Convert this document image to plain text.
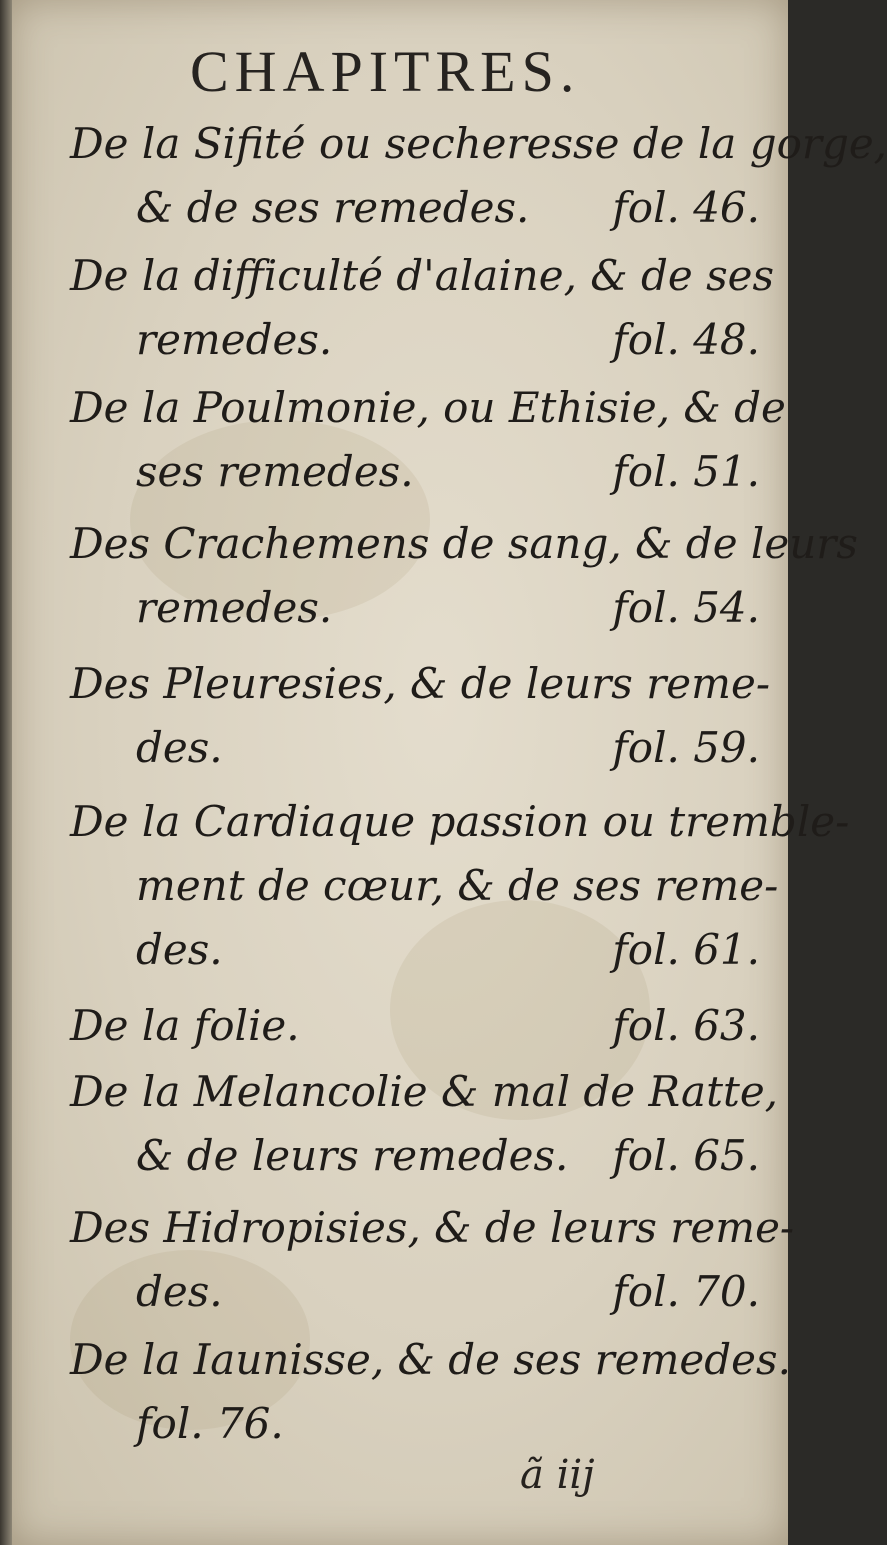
CHAPITRES.
De la Sifité ou secheresse de la gorge,
& de ses remedes. fol. 46.
De la difficulté d'alaine, & de ses
remedes.	fol. 48.
De la Poulmonie, ou Ethisie, & de
ses remedes.	fol. 51.
Des Crachemens de sang, & de leurs
remedes.	fol. 54.
Des Pleuresies, & de leurs reme-
des.	fol. 59.
De la Cardiaque passion ou tremble-
ment de cœur, & de ses reme-
des.	fol. 61.
De la folie.	fol. 63.
De la Melancolie & mal de Ratte,
& de leurs remedes. fol. 65.
Des Hidropisies, & de leurs reme-
des.	fol. 70.
De la Iaunisse, & de ses remedes.
fol. 76.
ã iij
